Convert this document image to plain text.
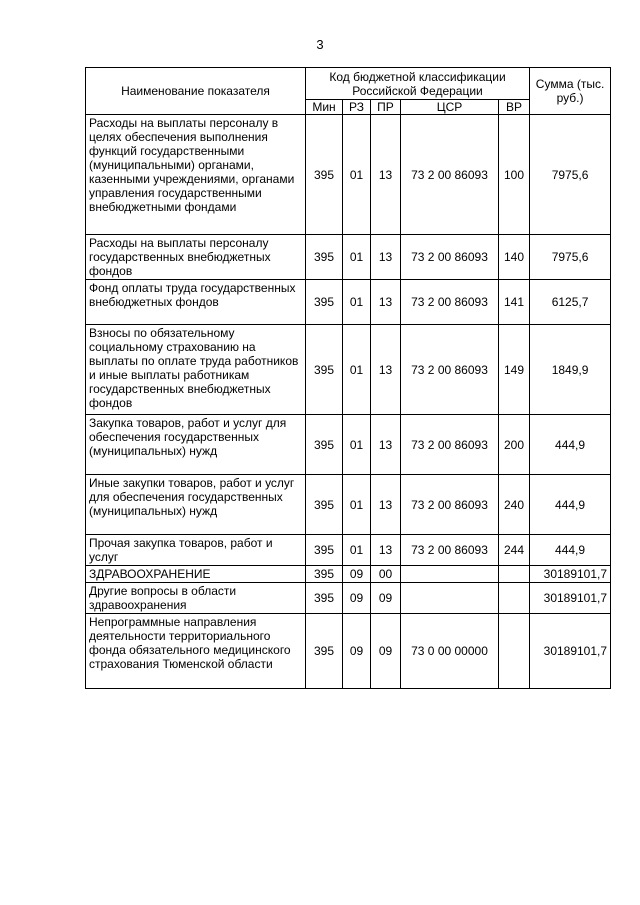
3
Наименование показателя	Код бюджетной классификации Российской Федерации					Сумма (тыс. руб.)
	Мин	РЗ	ПР	ЦСР	ВР	
Расходы на выплаты персоналу в целях обеспечения выполнения функций государственными (муниципальными) органами, казенными учреждениями, органами управления государственными внебюджетными фондами	395	01	13	73 2 00 86093	100	7975,6
Расходы на выплаты персоналу государственных внебюджетных фондов	395	01	13	73 2 00 86093	140	7975,6
Фонд оплаты труда государственных внебюджетных фондов	395	01	13	73 2 00 86093	141	6125,7
Взносы по обязательному социальному страхованию на выплаты по оплате труда работников и иные выплаты работникам государственных внебюджетных фондов	395	01	13	73 2 00 86093	149	1849,9
Закупка товаров, работ и услуг для обеспечения государственных (муниципальных) нужд	395	01	13	73 2 00 86093	200	444,9
Иные закупки товаров, работ и услуг для обеспечения государственных (муниципальных) нужд	395	01	13	73 2 00 86093	240	444,9
Прочая закупка товаров, работ и услуг	395	01	13	73 2 00 86093	244	444,9
ЗДРАВООХРАНЕНИЕ	395	09	00			30189101,7
Другие вопросы в области здравоохранения	395	09	09			30189101,7
Непрограммные направления деятельности территориального фонда обязательного медицинского страхования Тюменской области	395	09	09	73 0 00 00000		30189101,7
